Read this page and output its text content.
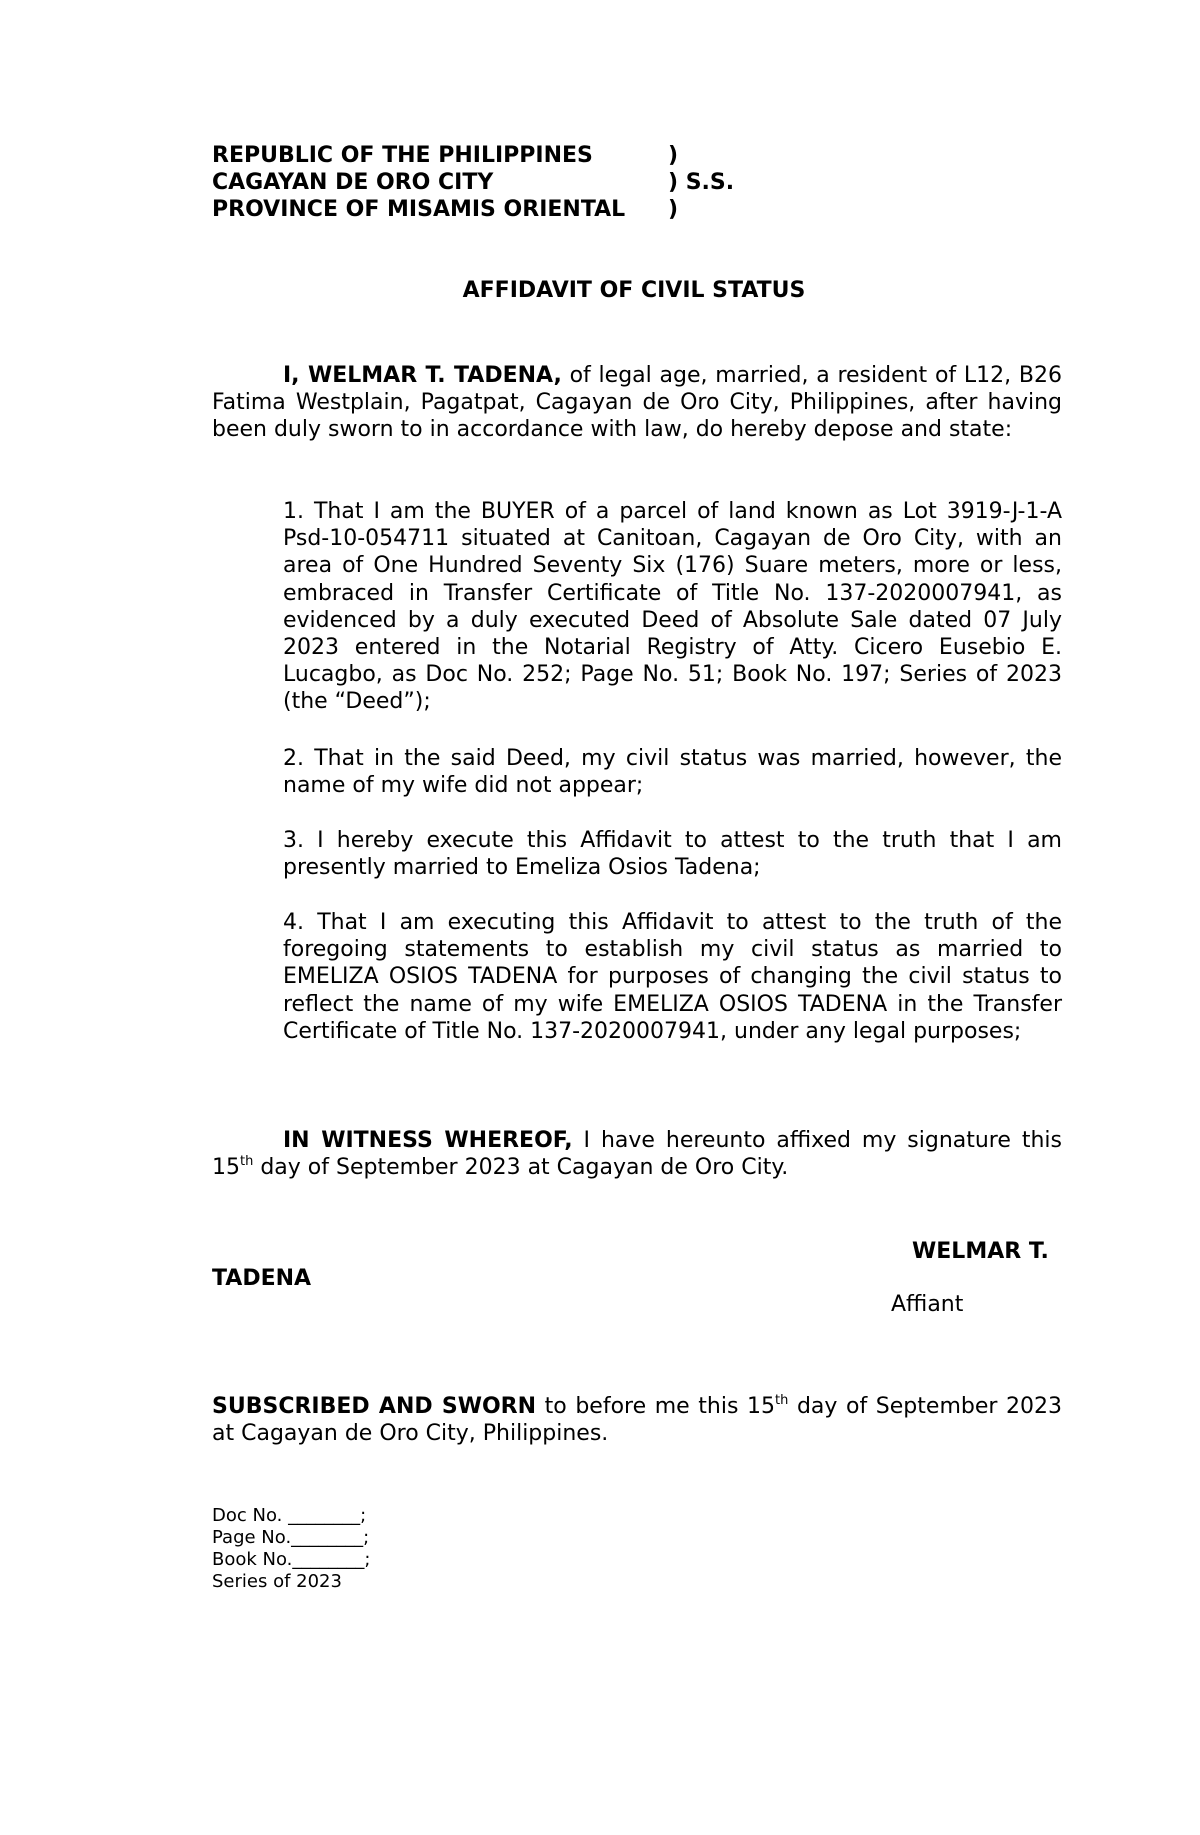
REPUBLIC OF THE PHILIPPINES	)
CAGAYAN DE ORO CITY	) S.S.
PROVINCE OF MISAMIS ORIENTAL )
AFFIDAVIT OF CIVIL STATUS
I, WELMAR T. TADENA, of legal age, married, a resident of L12, B26 Fatima Westplain, Pagatpat, Cagayan de Oro City, Philippines, after having been duly sworn to in accordance with law, do hereby depose and state:
1. That I am the BUYER of a parcel of land known as Lot 3919-J-1-A Psd-10-054711 situated at Canitoan, Cagayan de Oro City, with an area of One Hundred Seventy Six (176) Suare meters, more or less, embraced in Transfer Certificate of Title No. 137-2020007941, as evidenced by a duly executed Deed of Absolute Sale dated 07 July 2023 entered in the Notarial Registry of Atty. Cicero Eusebio E. Lucagbo, as Doc No. 252; Page No. 51; Book No. 197; Series of 2023 (the “Deed”);
2. That in the said Deed, my civil status was married, however, the name of my wife did not appear;
3. I hereby execute this Affidavit to attest to the truth that I am presently married to Emeliza Osios Tadena;
4. That I am executing this Affidavit to attest to the truth of the foregoing statements to establish my civil status as married to EMELIZA OSIOS TADENA for purposes of changing the civil status to reflect the name of my wife EMELIZA OSIOS TADENA in the Transfer Certificate of Title No. 137-2020007941, under any legal purposes;
IN WITNESS WHEREOF, I have hereunto affixed my signature this 15th day of September 2023 at Cagayan de Oro City.
WELMAR T.
TADENA
Affiant
SUBSCRIBED AND SWORN to before me this 15th day of September 2023 at Cagayan de Oro City, Philippines.
Doc No. ________;
Page No.________;
Book No.________;
Series of 2023
